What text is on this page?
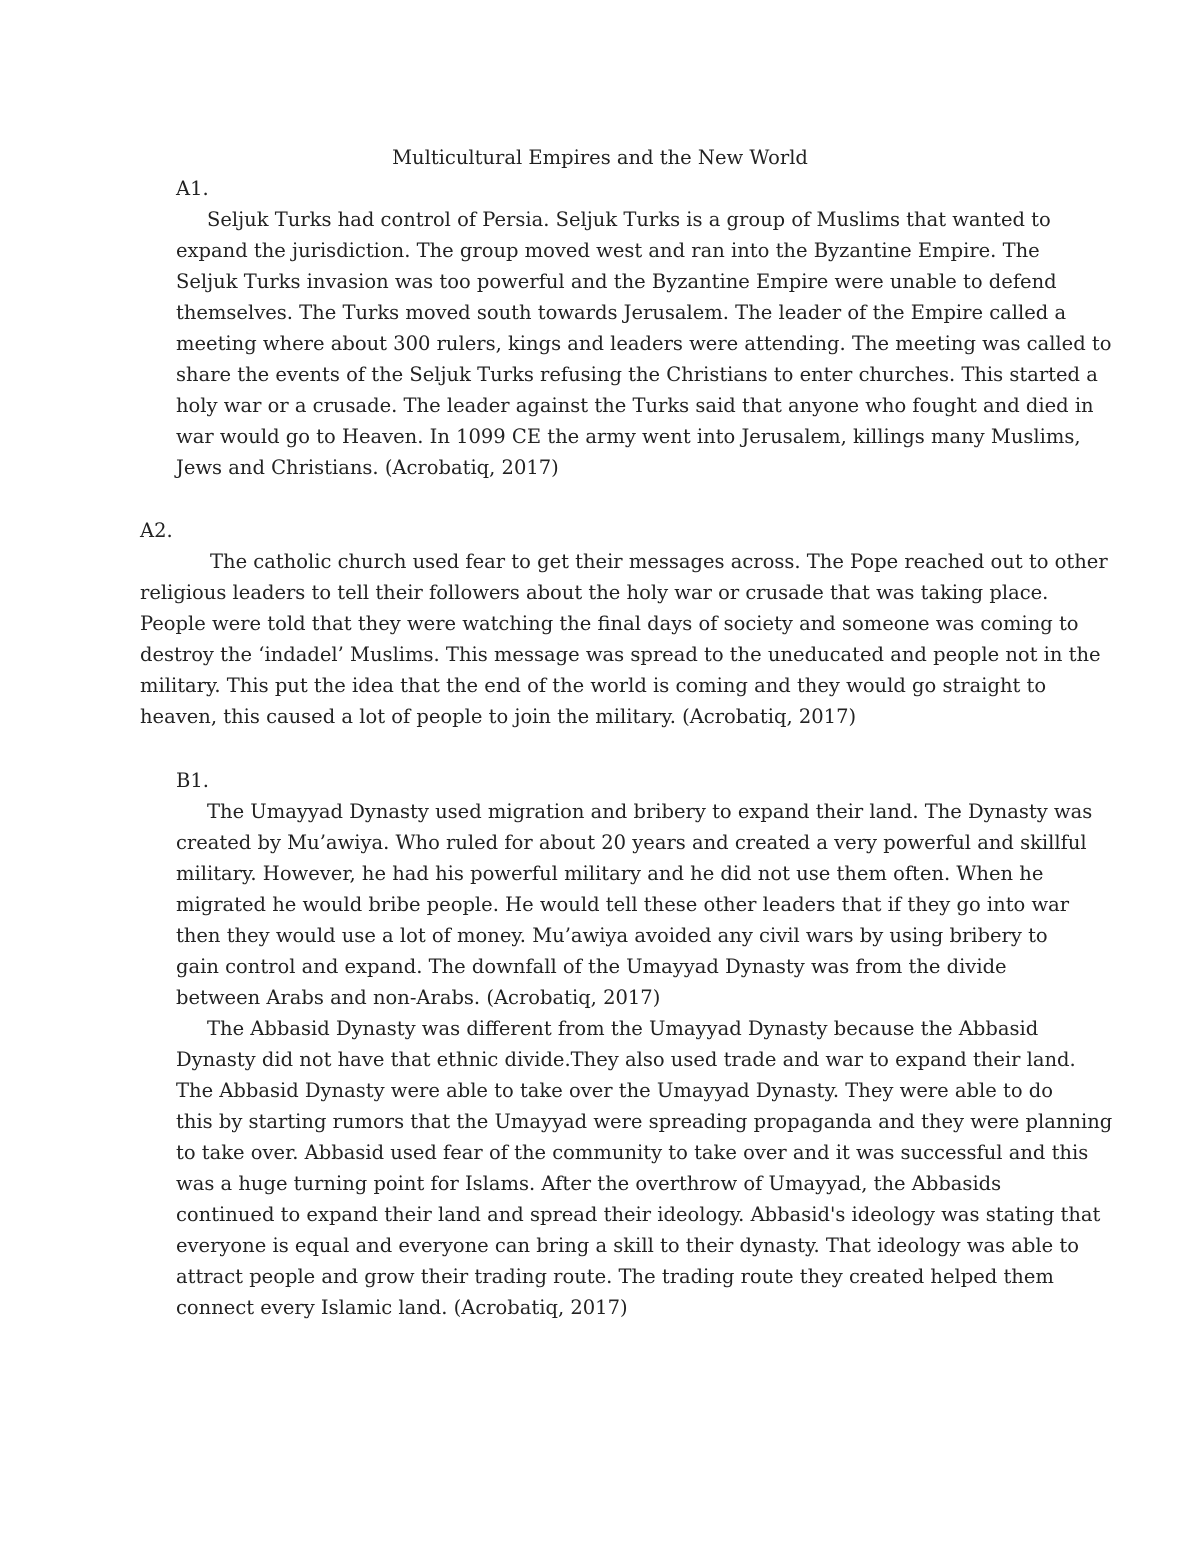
Multicultural Empires and the New World
A1.
Seljuk Turks had control of Persia. Seljuk Turks is a group of Muslims that wanted to
expand the jurisdiction. The group moved west and ran into the Byzantine Empire. The
Seljuk Turks invasion was too powerful and the Byzantine Empire were unable to defend
themselves. The Turks moved south towards Jerusalem. The leader of the Empire called a
meeting where about 300 rulers, kings and leaders were attending. The meeting was called to
share the events of the Seljuk Turks refusing the Christians to enter churches. This started a
holy war or a crusade. The leader against the Turks said that anyone who fought and died in
war would go to Heaven. In 1099 CE the army went into Jerusalem, killings many Muslims,
Jews and Christians. (Acrobatiq, 2017)
A2.
The catholic church used fear to get their messages across. The Pope reached out to other
religious leaders to tell their followers about the holy war or crusade that was taking place.
People were told that they were watching the final days of society and someone was coming to
destroy the ‘indadel’ Muslims. This message was spread to the uneducated and people not in the
military. This put the idea that the end of the world is coming and they would go straight to
heaven, this caused a lot of people to join the military. (Acrobatiq, 2017)
B1.
The Umayyad Dynasty used migration and bribery to expand their land. The Dynasty was
created by Mu’awiya. Who ruled for about 20 years and created a very powerful and skillful
military. However, he had his powerful military and he did not use them often. When he
migrated he would bribe people. He would tell these other leaders that if they go into war
then they would use a lot of money. Mu’awiya avoided any civil wars by using bribery to
gain control and expand. The downfall of the Umayyad Dynasty was from the divide
between Arabs and non-Arabs. (Acrobatiq, 2017)
The Abbasid Dynasty was different from the Umayyad Dynasty because the Abbasid
Dynasty did not have that ethnic divide.They also used trade and war to expand their land.
The Abbasid Dynasty were able to take over the Umayyad Dynasty. They were able to do
this by starting rumors that the Umayyad were spreading propaganda and they were planning
to take over. Abbasid used fear of the community to take over and it was successful and this
was a huge turning point for Islams. After the overthrow of Umayyad, the Abbasids
continued to expand their land and spread their ideology. Abbasid's ideology was stating that
everyone is equal and everyone can bring a skill to their dynasty. That ideology was able to
attract people and grow their trading route. The trading route they created helped them
connect every Islamic land. (Acrobatiq, 2017)
